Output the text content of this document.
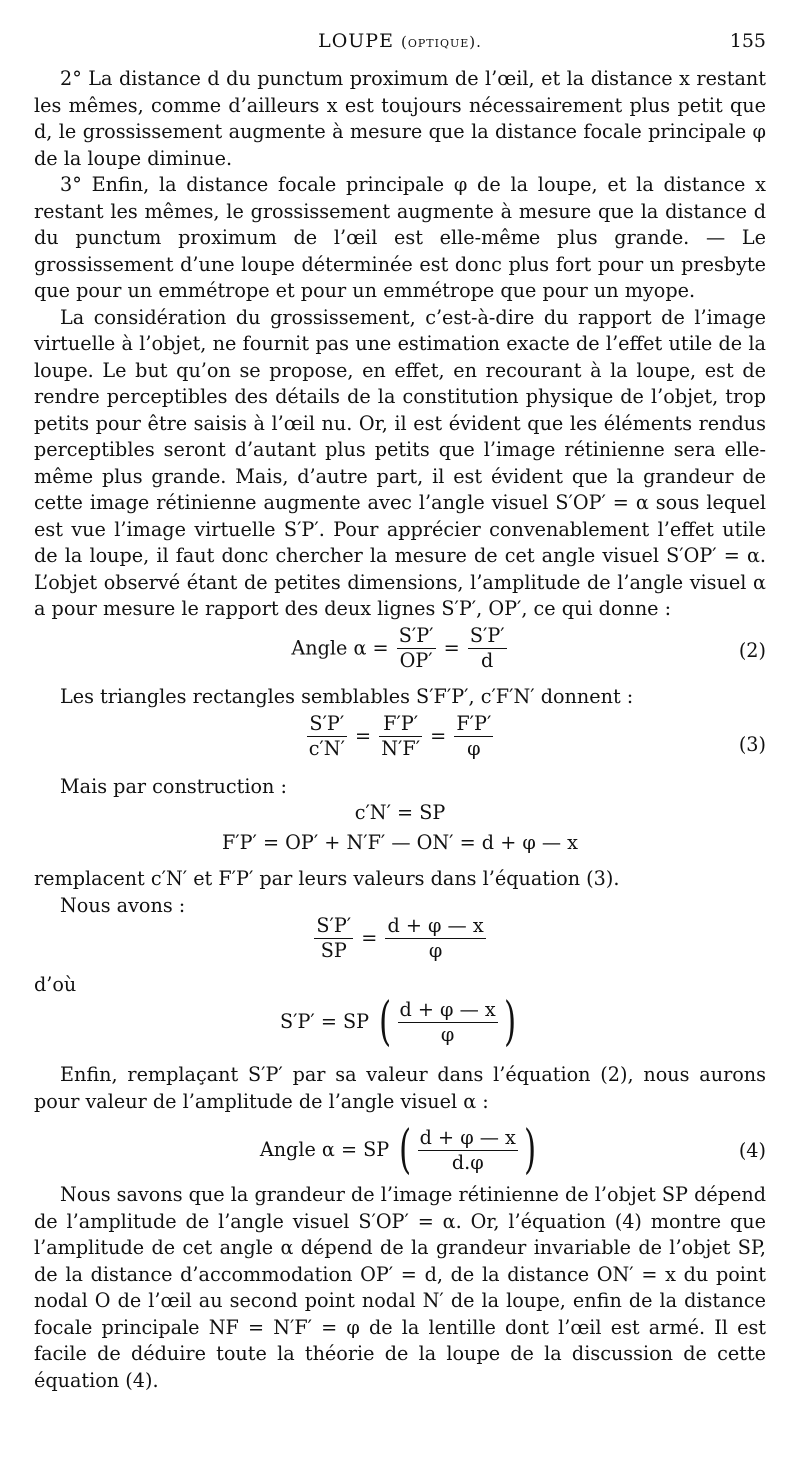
LOUPE (optique).	155

2° La distance d du punctum proximum de l’œil, et la distance x restant les mêmes, comme d’ailleurs x est toujours nécessairement plus petit que d, le grossissement augmente à mesure que la distance focale principale φ de la loupe diminue.

3° Enfin, la distance focale principale φ de la loupe, et la distance x restant les mêmes, le grossissement augmente à mesure que la distance d du punctum proximum de l’œil est elle-même plus grande. — Le grossissement d’une loupe déterminée est donc plus fort pour un presbyte que pour un emmétrope et pour un emmétrope que pour un myope.

La considération du grossissement, c’est-à-dire du rapport de l’image virtuelle à l’objet, ne fournit pas une estimation exacte de l’effet utile de la loupe. Le but qu’on se propose, en effet, en recourant à la loupe, est de rendre perceptibles des détails de la constitution physique de l’objet, trop petits pour être saisis à l’œil nu. Or, il est évident que les éléments rendus perceptibles seront d’autant plus petits que l’image rétinienne sera elle-même plus grande. Mais, d’autre part, il est évident que la grandeur de cette image rétinienne augmente avec l’angle visuel S′OP′ = α sous lequel est vue l’image virtuelle S′P′. Pour apprécier convenablement l’effet utile de la loupe, il faut donc chercher la mesure de cet angle visuel S′OP′ = α. L’objet observé étant de petites dimensions, l’amplitude de l’angle visuel α a pour mesure le rapport des deux lignes S′P′, OP′, ce qui donne :

Angle $\alpha = \frac{S'P'}{OP'} = \frac{S'P'}{d}$	(2)

Les triangles rectangles semblables S′F′P′, c′F′N′ donnent :

$\frac{S'P'}{c'N'} = \frac{F'P'}{N'F'} = \frac{F'P'}{\varphi}$	(3)

Mais par construction :

c′N′ = SP
F′P′ = OP′ + N′F′ — ON′ = d + φ — x

remplacent c′N′ et F′P′ par leurs valeurs dans l’équation (3).

Nous avons :

$\frac{S'P'}{SP} = \frac{d + \varphi — x}{\varphi}$

d’où

S′P′ = SP ( $\frac{d + \varphi — x}{\varphi}$ )

Enfin, remplaçant S′P′ par sa valeur dans l’équation (2), nous aurons pour valeur de l’amplitude de l’angle visuel α :

Angle α = SP ( $\frac{d + \varphi — x}{d.\varphi}$ )	(4)

Nous savons que la grandeur de l’image rétinienne de l’objet SP dépend de l’amplitude de l’angle visuel S′OP′ = α. Or, l’équation (4) montre que l’amplitude de cet angle α dépend de la grandeur invariable de l’objet SP, de la distance d’accommodation OP′ = d, de la distance ON′ = x du point nodal O de l’œil au second point nodal N′ de la loupe, enfin de la distance focale principale NF = N′F′ = φ de la lentille dont l’œil est armé. Il est facile de déduire toute la théorie de la loupe de la discussion de cette équation (4).
